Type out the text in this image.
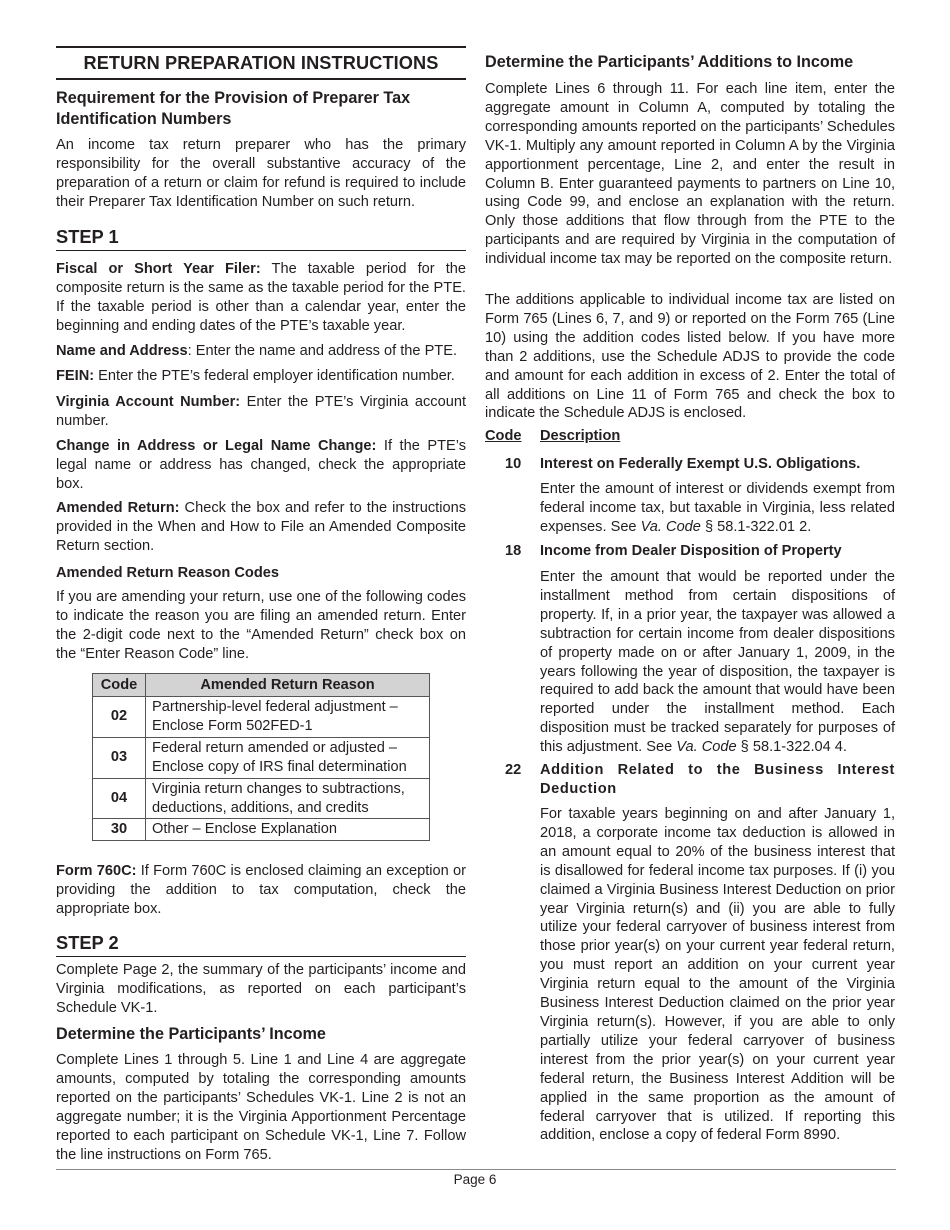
RETURN PREPARATION INSTRUCTIONS
Requirement for the Provision of Preparer Tax Identification Numbers

An income tax return preparer who has the primary responsibility for the overall substantive accuracy of the preparation of a return or claim for refund is required to include their Preparer Tax Identification Number on such return.

STEP 1

Fiscal or Short Year Filer: The taxable period for the composite return is the same as the taxable period for the PTE. If the taxable period is other than a calendar year, enter the beginning and ending dates of the PTE’s taxable year.

Name and Address: Enter the name and address of the PTE.

FEIN: Enter the PTE’s federal employer identification number.

Virginia Account Number: Enter the PTE’s Virginia account number.

Change in Address or Legal Name Change: If the PTE’s legal name or address has changed, check the appropriate box.

Amended Return: Check the box and refer to the instructions provided in the When and How to File an Amended Composite Return section.

Amended Return Reason Codes

If you are amending your return, use one of the following codes to indicate the reason you are filing an amended return. Enter the 2-digit code next to the “Amended Return” check box on the “Enter Reason Code” line.

Code	Amended Return Reason
02	Partnership-level federal adjustment – Enclose Form 502FED-1
03	Federal return amended or adjusted – Enclose copy of IRS final determination
04	Virginia return changes to subtractions, deductions, additions, and credits
30	Other – Enclose Explanation

Form 760C: If Form 760C is enclosed claiming an exception or providing the addition to tax computation, check the appropriate box.

STEP 2

Complete Page 2, the summary of the participants’ income and Virginia modifications, as reported on each participant’s Schedule VK-1.

Determine the Participants’ Income

Complete Lines 1 through 5. Line 1 and Line 4 are aggregate amounts, computed by totaling the corresponding amounts reported on the participants’ Schedules VK-1. Line 2 is not an aggregate number; it is the Virginia Apportionment Percentage reported to each participant on Schedule VK-1, Line 7. Follow the line instructions on Form 765.

Determine the Participants’ Additions to Income

Complete Lines 6 through 11. For each line item, enter the aggregate amount in Column A, computed by totaling the corresponding amounts reported on the participants’ Schedules VK-1. Multiply any amount reported in Column A by the Virginia apportionment percentage, Line 2, and enter the result in Column B. Enter guaranteed payments to partners on Line 10, using Code 99, and enclose an explanation with the return. Only those additions that flow through from the PTE to the participants and are required by Virginia in the computation of individual income tax may be reported on the composite return.

The additions applicable to individual income tax are listed on Form 765 (Lines 6, 7, and 9) or reported on the Form 765 (Line 10) using the addition codes listed below. If you have more than 2 additions, use the Schedule ADJS to provide the code and amount for each addition in excess of 2. Enter the total of all additions on Line 11 of Form 765 and check the box to indicate the Schedule ADJS is enclosed.

Code Description
10	Interest on Federally Exempt U.S. Obligations.

Enter the amount of interest or dividends exempt from federal income tax, but taxable in Virginia, less related expenses. See Va. Code § 58.1-322.01 2.

18	Income from Dealer Disposition of Property

Enter the amount that would be reported under the installment method from certain dispositions of property. If, in a prior year, the taxpayer was allowed a subtraction for certain income from dealer dispositions of property made on or after January 1, 2009, in the years following the year of disposition, the taxpayer is required to add back the amount that would have been reported under the installment method. Each disposition must be tracked separately for purposes of this adjustment. See Va. Code § 58.1-322.04 4.

22	Addition Related to the Business Interest Deduction

For taxable years beginning on and after January 1, 2018, a corporate income tax deduction is allowed in an amount equal to 20% of the business interest that is disallowed for federal income tax purposes. If (i) you claimed a Virginia Business Interest Deduction on prior year Virginia return(s) and (ii) you are able to fully utilize your federal carryover of business interest from those prior year(s) on your current year federal return, you must report an addition on your current year Virginia return equal to the amount of the Virginia Business Interest Deduction claimed on the prior year Virginia return(s). However, if you are able to only partially utilize your federal carryover of business interest from the prior year(s) on your current year federal return, the Business Interest Addition will be applied in the same proportion as the amount of federal carryover that is utilized. If reporting this addition, enclose a copy of federal Form 8990.

Page 6
